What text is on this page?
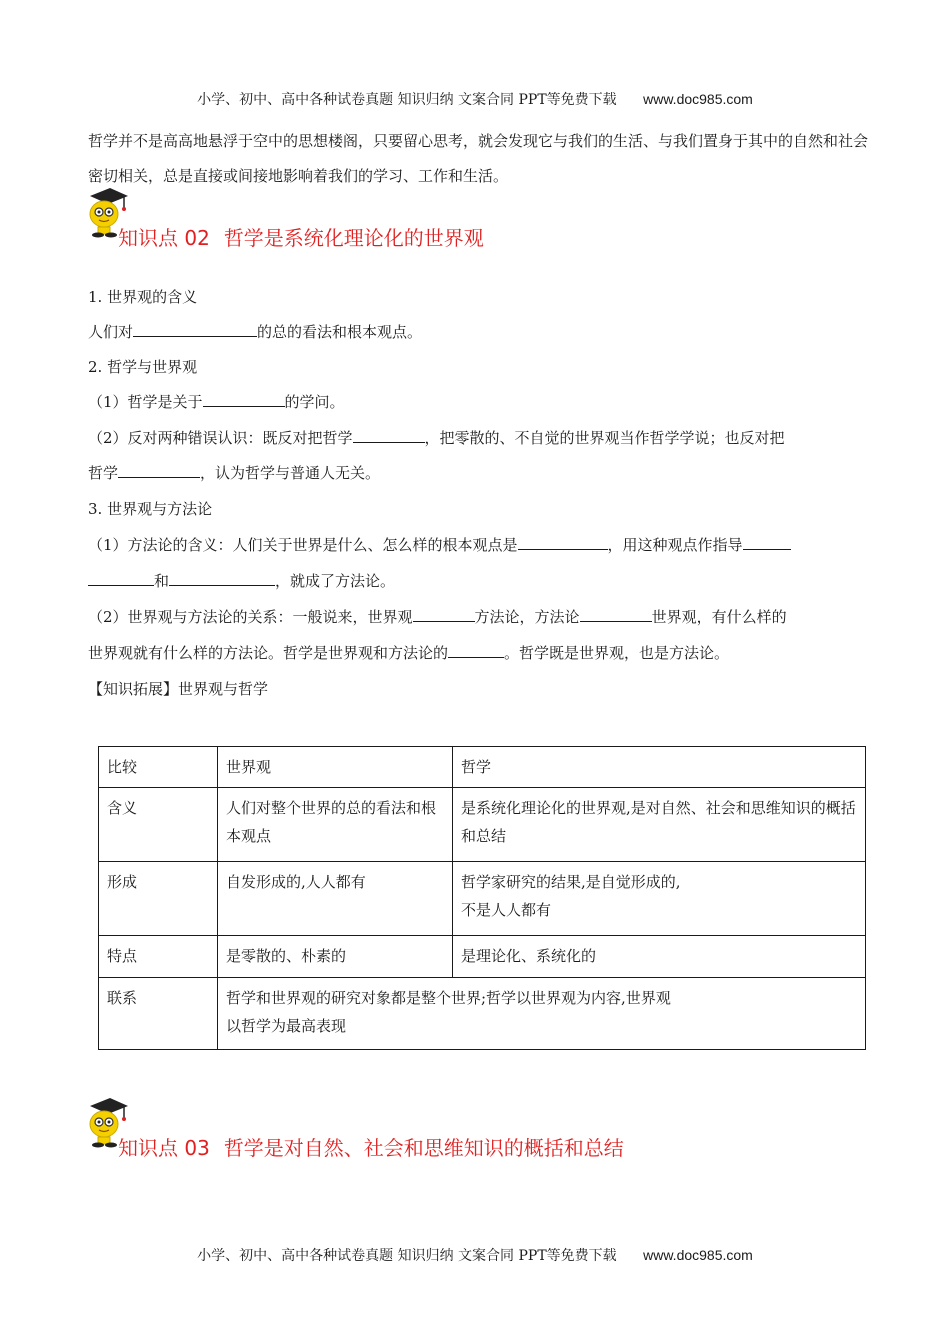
小学、初中、高中各种试卷真题 知识归纳 文案合同 PPT等免费下载 www.doc985.com

哲学并不是高高地悬浮于空中的思想楼阁，只要留心思考，就会发现它与我们的生活、与我们置身于其中的自然和社会密切相关，总是直接或间接地影响着我们的学习、工作和生活。

知识点 02 哲学是系统化理论化的世界观

1. 世界观的含义

人们对	的总的看法和根本观点。

2. 哲学与世界观

（1）哲学是关于	的学问。

（2）反对两种错误认识：既反对把哲学	，把零散的、不自觉的世界观当作哲学学说；也反对把

哲学	，认为哲学与普通人无关。

3. 世界观与方法论

（1）方法论的含义：人们关于世界是什么、怎么样的根本观点是	，用这种观点作指导

和	，就成了方法论。

（2）世界观与方法论的关系：一般说来，世界观	方法论，方法论	世界观，有什么样的

世界观就有什么样的方法论。哲学是世界观和方法论的	。哲学既是世界观，也是方法论。

【知识拓展】世界观与哲学

比较	世界观	哲学
含义	人们对整个世界的总的看法和根本观点	是系统化理论化的世界观,是对自然、社会和思维知识的概括和总结
形成	自发形成的,人人都有	哲学家研究的结果,是自觉形成的,不是人人都有
特点	是零散的、朴素的	是理论化、系统化的
联系	哲学和世界观的研究对象都是整个世界;哲学以世界观为内容,世界观以哲学为最高表现	
知识点 03 哲学是对自然、社会和思维知识的概括和总结
小学、初中、高中各种试卷真题 知识归纳 文案合同 PPT等免费下载 www.doc985.com
